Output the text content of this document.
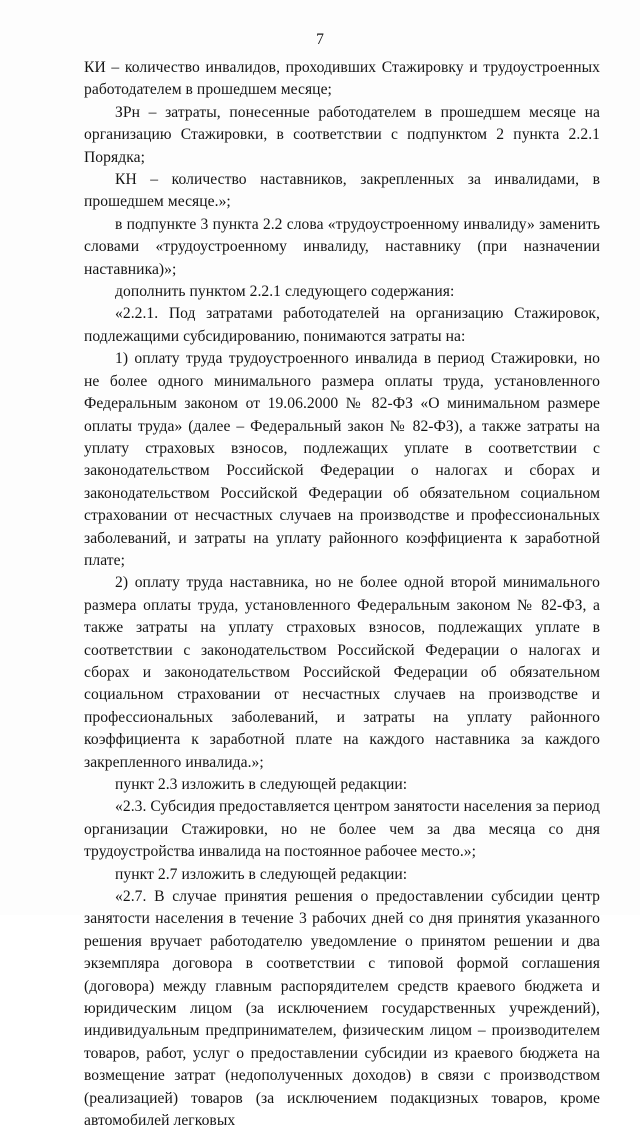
7

КИ – количество инвалидов, проходивших Стажировку и трудоустроенных работодателем в прошедшем месяце;

ЗРн – затраты, понесенные работодателем в прошедшем месяце на организацию Стажировки, в соответствии с подпунктом 2 пункта 2.2.1 Порядка;

КН – количество наставников, закрепленных за инвалидами, в прошедшем месяце.»;

в подпункте 3 пункта 2.2 слова «трудоустроенному инвалиду» заменить словами «трудоустроенному инвалиду, наставнику (при назначении наставника)»;

дополнить пунктом 2.2.1 следующего содержания:

«2.2.1. Под затратами работодателей на организацию Стажировок, подлежащими субсидированию, понимаются затраты на:

1) оплату труда трудоустроенного инвалида в период Стажировки, но не более одного минимального размера оплаты труда, установленного Федеральным законом от 19.06.2000 № 82-ФЗ «О минимальном размере оплаты труда» (далее – Федеральный закон № 82-ФЗ), а также затраты на уплату страховых взносов, подлежащих уплате в соответствии с законодательством Российской Федерации о налогах и сборах и законодательством Российской Федерации об обязательном социальном страховании от несчастных случаев на производстве и профессиональных заболеваний, и затраты на уплату районного коэффициента к заработной плате;

2) оплату труда наставника, но не более одной второй минимального размера оплаты труда, установленного Федеральным законом № 82-ФЗ, а также затраты на уплату страховых взносов, подлежащих уплате в соответствии с законодательством Российской Федерации о налогах и сборах и законодательством Российской Федерации об обязательном социальном страховании от несчастных случаев на производстве и профессиональных заболеваний, и затраты на уплату районного коэффициента к заработной плате на каждого наставника за каждого закрепленного инвалида.»;

пункт 2.3 изложить в следующей редакции:

«2.3. Субсидия предоставляется центром занятости населения за период организации Стажировки, но не более чем за два месяца со дня трудоустройства инвалида на постоянное рабочее место.»;

пункт 2.7 изложить в следующей редакции:

«2.7. В случае принятия решения о предоставлении субсидии центр занятости населения в течение 3 рабочих дней со дня принятия указанного решения вручает работодателю уведомление о принятом решении и два экземпляра договора в соответствии с типовой формой соглашения (договора) между главным распорядителем средств краевого бюджета и юридическим лицом (за исключением государственных учреждений), индивидуальным предпринимателем, физическим лицом – производителем товаров, работ, услуг о предоставлении субсидии из краевого бюджета на возмещение затрат (недополученных доходов) в связи с производством (реализацией) товаров (за исключением подакцизных товаров, кроме автомобилей легковых
